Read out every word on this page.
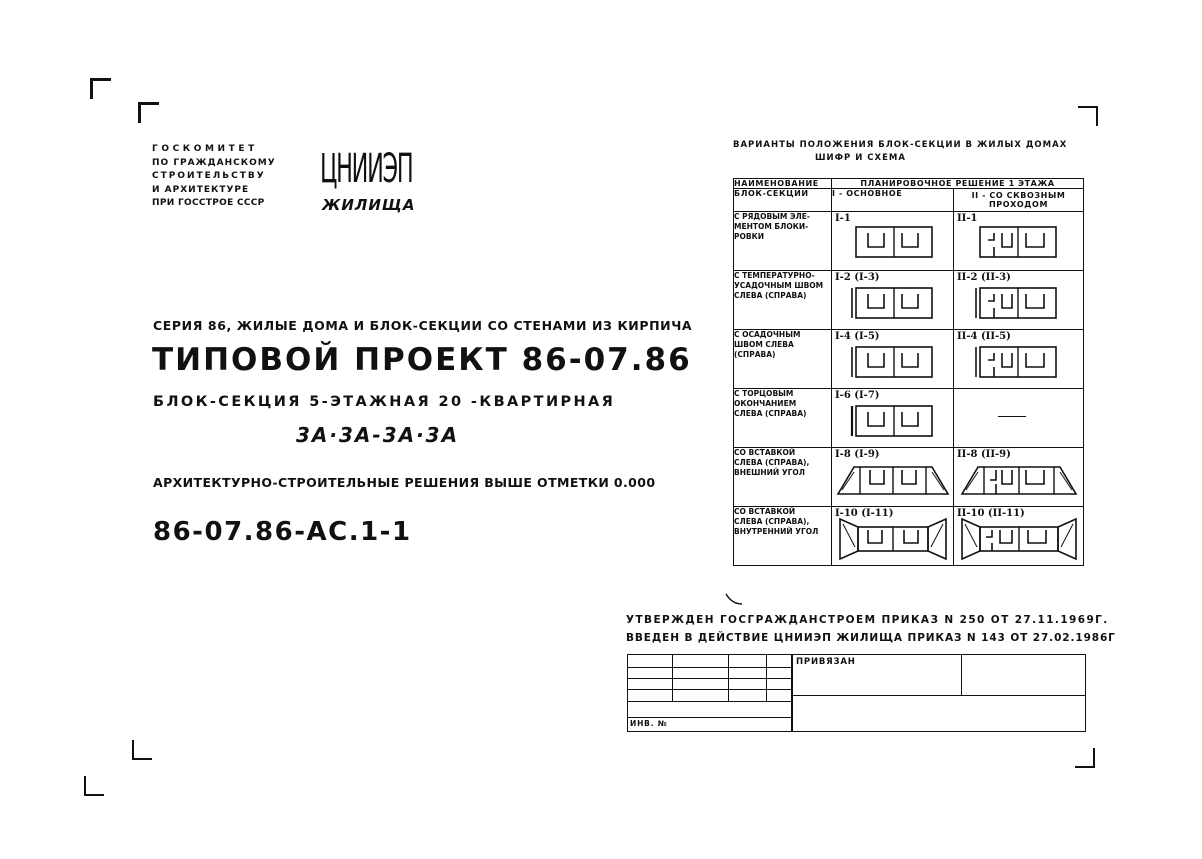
ГОСКОМИТЕТ
ПО ГРАЖДАНСКОМУ
СТРОИТЕЛЬСТВУ
И АРХИТЕКТУРЕ
ПРИ ГОССТРОЕ СССР
ЦНИИЭП
ЖИЛИЩА
СЕРИЯ 86, ЖИЛЫЕ ДОМА И БЛОК-СЕКЦИИ СО СТЕНАМИ ИЗ КИРПИЧА
ТИПОВОЙ ПРОЕКТ 86-07.86
БЛОК-СЕКЦИЯ 5-ЭТАЖНАЯ 20 -КВАРТИРНАЯ
3А·3А-3А·3А
АРХИТЕКТУРНО-СТРОИТЕЛЬНЫЕ РЕШЕНИЯ ВЫШЕ ОТМЕТКИ 0.000
86-07.86-АС.1-1
ВАРИАНТЫ ПОЛОЖЕНИЯ БЛОК-СЕКЦИИ В ЖИЛЫХ ДОМАХ
ШИФР И СХЕМА
НАИМЕНОВАНИЕ	ПЛАНИРОВОЧНОЕ РЕШЕНИЕ 1 ЭТАЖА	
БЛОК-СЕКЦИИ	I - ОСНОВНОЕ	II - СО СКВОЗНЫМ
ПРОХОДОМ

С РЯДОВЫМ ЭЛЕ-
МЕНТОМ БЛОКИ-
РОВКИ	I-1	II-1

С ТЕМПЕРАТУРНО-
УСАДОЧНЫМ ШВОМ
СЛЕВА (СПРАВА)	I-2 (I-3)	II-2 (II-3)

С ОСАДОЧНЫМ
ШВОМ СЛЕВА
(СПРАВА)	I-4 (I-5)	II-4 (II-5)

С ТОРЦОВЫМ
ОКОНЧАНИЕМ
СЛЕВА (СПРАВА)	I-6 (I-7)	

СО ВСТАВКОЙ
СЛЕВА (СПРАВА),
ВНЕШНИЙ УГОЛ	I-8 (I-9)	II-8 (II-9)

СО ВСТАВКОЙ
СЛЕВА (СПРАВА),
ВНУТРЕННИЙ УГОЛ	I-10 (I-11)	II-10 (II-11)
УТВЕРЖДЕН ГОСГРАЖДАНСТРОЕМ ПРИКАЗ N 250 ОТ 27.11.1969Г.
ВВЕДЕН В ДЕЙСТВИЕ ЦНИИЭП ЖИЛИЩА ПРИКАЗ N 143 ОТ 27.02.1986Г
ПРИВЯЗАН
ИНВ. №
